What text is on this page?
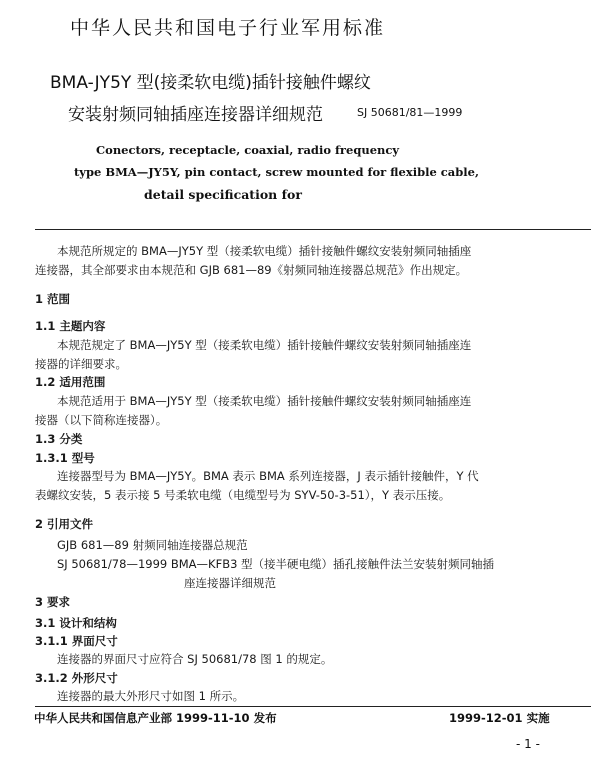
中华人民共和国电子行业军用标准
BMA-JY5Y 型(接柔软电缆)插针接触件螺纹
安装射频同轴插座连接器详细规范	SJ 50681/81—1999
Conectors, receptacle, coaxial, radio frequency
type BMA—JY5Y, pin contact, screw mounted for flexible cable,
detail specification for
本规范所规定的 BMA—JY5Y 型（接柔软电缆）插针接触件螺纹安装射频同轴插座
连接器，其全部要求由本规范和 GJB 681—89《射频同轴连接器总规范》作出规定。
1 范围
1.1 主题内容
本规范规定了 BMA—JY5Y 型（接柔软电缆）插针接触件螺纹安装射频同轴插座连
接器的详细要求。
1.2 适用范围
本规范适用于 BMA—JY5Y 型（接柔软电缆）插针接触件螺纹安装射频同轴插座连
接器（以下简称连接器）。
1.3 分类
1.3.1 型号
连接器型号为 BMA—JY5Y。BMA 表示 BMA 系列连接器，J 表示插针接触件，Y 代
表螺纹安装，5 表示接 5 号柔软电缆（电缆型号为 SYV-50-3-51），Y 表示压接。
2 引用文件
GJB 681—89 射频同轴连接器总规范
SJ 50681/78—1999 BMA—KFB3 型（接半硬电缆）插孔接触件法兰安装射频同轴插
座连接器详细规范
3 要求
3.1 设计和结构
3.1.1 界面尺寸
连接器的界面尺寸应符合 SJ 50681/78 图 1 的规定。
3.1.2 外形尺寸
中华人民共和国信息产业部 1999-11-10 发布	1999-12-01 实施
- 1 -
连接器的最大外形尺寸如图 1 所示。
